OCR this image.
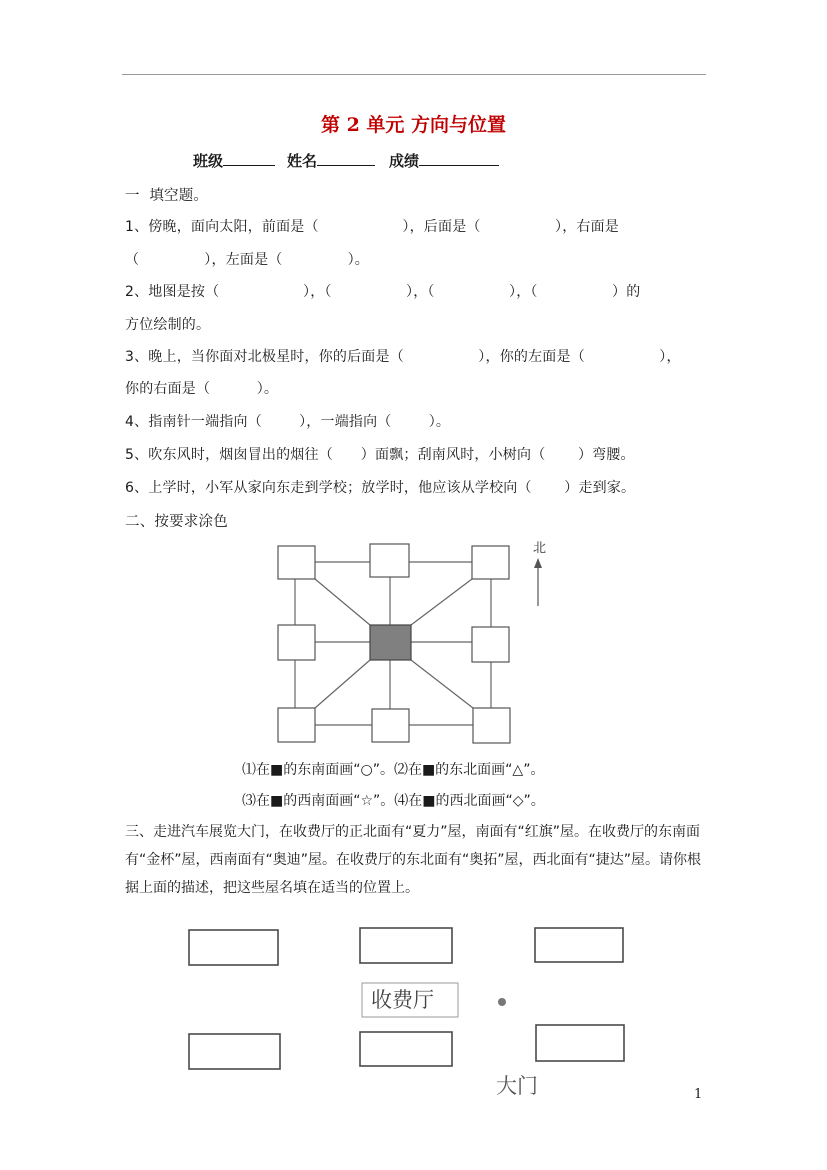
第 2 单元 方向与位置
班级	姓名	成绩
一  填空题。
1、傍晚，面向太阳，前面是（                  ），后面是（                ），右面是
（              ），左面是（              ）。
2、地图是按（                  ），（                ），（                ），（                ）的
方位绘制的。
3、晚上，当你面对北极星时，你的后面是（                ），你的左面是（                ），
你的右面是（          ）。
4、指南针一端指向（        ），一端指向（        ）。
5、吹东风时，烟囱冒出的烟往（      ）面飘；刮南风时，小树向（       ）弯腰。
6、上学时，小军从家向东走到学校；放学时，他应该从学校向（       ）走到家。
二、按要求涂色
北
⑴在■的东南面画“○”。⑵在■的东北面画“△”。
⑶在■的西南面画“☆”。⑷在■的西北面画“◇”。
三、走进汽车展览大门，在收费厅的正北面有“夏力”屋，南面有“红旗”屋。在收费厅的东南面有“金杯”屋，西南面有“奥迪”屋。在收费厅的东北面有“奥拓”屋，西北面有“捷达”屋。请你根据上面的描述，把这些屋名填在适当的位置上。
收费厅
大门	1
